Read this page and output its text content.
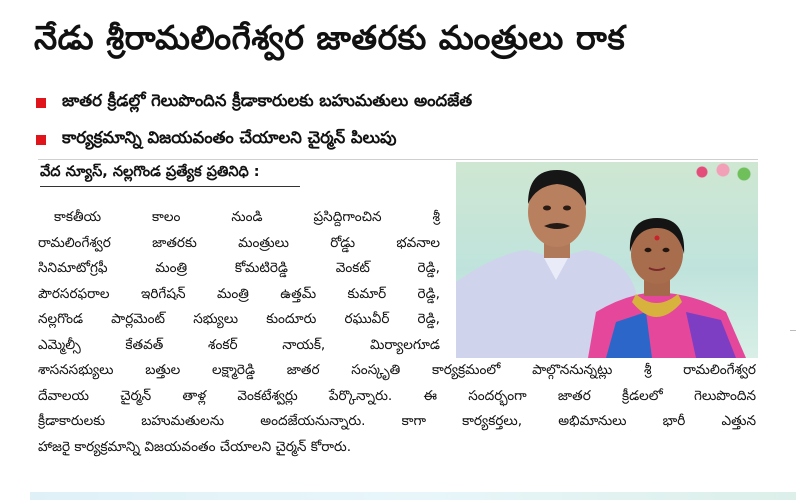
నేడు శ్రీరామలింగేశ్వర జాతరకు మంత్రులు రాక
జాతర క్రీడల్లో గెలుపొందిన క్రీడాకారులకు బహుమతులు అందజేత
కార్యక్రమాన్ని విజయవంతం చేయాలని చైర్మన్ పిలుపు
వేద న్యూస్, నల్లగొండ ప్రత్యేక ప్రతినిధి :
కాకతీయ కాలం నుండి ప్రసిద్దిగాంచిన శ్రీ
రామలింగేశ్వర జాతరకు మంత్రులు రోడ్డు భవనాల
సినిమాటోగ్రఫీ మంత్రి కోమటిరెడ్డి వెంకట్ రెడ్డి,
పౌరసరఫరాల ఇరిగేషన్ మంత్రి ఉత్తమ్ కుమార్ రెడ్డి,
నల్లగొండ పార్లమెంట్ సభ్యులు కుందూరు రఘువీర్ రెడ్డి,
ఎమ్మెల్సీ కేతవత్ శంకర్ నాయక్, మిర్యాలగూడ
శాసనసభ్యులు బత్తుల లక్ష్మారెడ్డి జాతర సంస్కృతి కార్యక్రమంలో పాల్గొననున్నట్లు శ్రీ రామలింగేశ్వర
దేవాలయ చైర్మన్ తాళ్ల వెంకటేశ్వర్లు పేర్కొన్నారు. ఈ సందర్భంగా జాతర క్రీడలలో గెలుపొందిన
క్రీడాకారులకు బహుమతులను అందజేయనున్నారు. కాగా కార్యకర్తలు, అభిమానులు భారీ ఎత్తున
హాజరై కార్యక్రమాన్ని విజయవంతం చేయాలని చైర్మన్ కోరారు.
